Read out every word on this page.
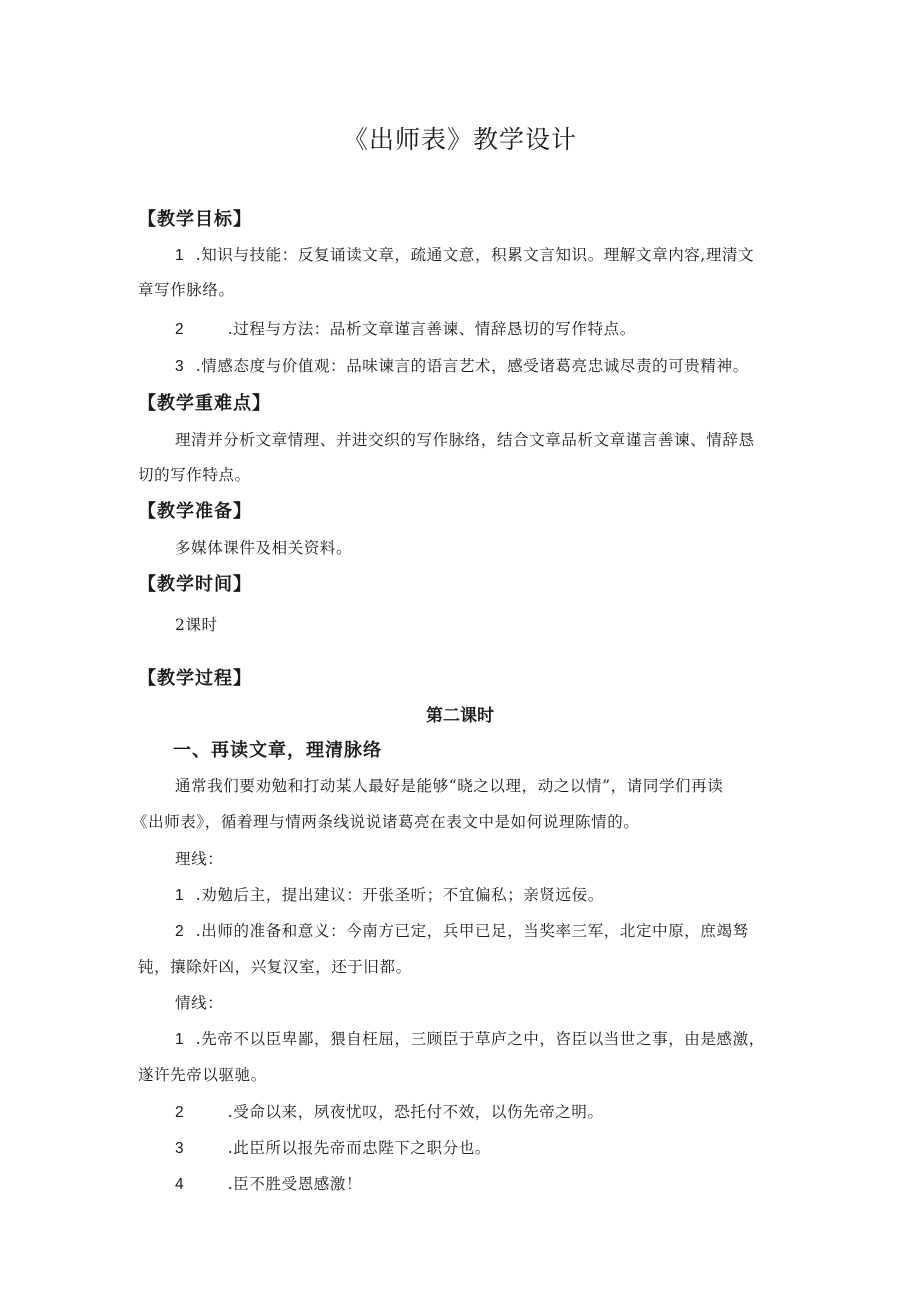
《出师表》教学设计
【教学目标】
1 .知识与技能：反复诵读文章，疏通文意，积累文言知识。理解文章内容,理清文
章写作脉络。
2	.过程与方法：品析文章谨言善谏、情辞恳切的写作特点。
3 .情感态度与价值观：品味谏言的语言艺术，感受诸葛亮忠诚尽责的可贵精神。
【教学重难点】
理清并分析文章情理、并进交织的写作脉络，结合文章品析文章谨言善谏、情辞恳
切的写作特点。
【教学准备】
多媒体课件及相关资料。
【教学时间】
2课时
【教学过程】
第二课时
一、再读文章，理清脉络
通常我们要劝勉和打动某人最好是能够“晓之以理，动之以情”，请同学们再读
《出师表》，循着理与情两条线说说诸葛亮在表文中是如何说理陈情的。
理线：
1 .劝勉后主，提出建议：开张圣听；不宜偏私；亲贤远佞。
2 .出师的准备和意义：今南方已定，兵甲已足，当奖率三军，北定中原，庶竭驽
钝，攘除奸凶，兴复汉室，还于旧都。
情线：
1 .先帝不以臣卑鄙，猥自枉屈，三顾臣于草庐之中，咨臣以当世之事，由是感激，
遂许先帝以驱驰。
2	.受命以来，夙夜忧叹，恐托付不效，以伤先帝之明。
3	.此臣所以报先帝而忠陛下之职分也。
4	.臣不胜受恩感激！
